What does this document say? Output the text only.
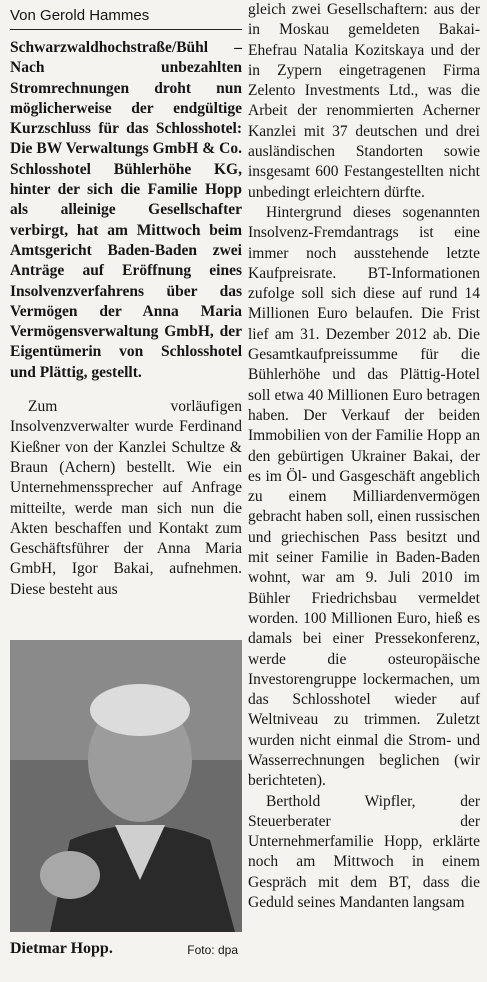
Von Gerold Hammes

Schwarzwaldhochstraße/Bühl – Nach unbezahlten Stromrechnungen droht nun möglicherweise der endgültige Kurzschluss für das Schlosshotel: Die BW Verwaltungs GmbH & Co. Schlosshotel Bühlerhöhe KG, hinter der sich die Familie Hopp als alleinige Gesellschafter verbirgt, hat am Mittwoch beim Amtsgericht Baden-Baden zwei Anträge auf Eröffnung eines Insolvenzverfahrens über das Vermögen der Anna Maria Vermögensverwaltung GmbH, der Eigentümerin von Schlosshotel und Plättig, gestellt.

Zum vorläufigen Insolvenzverwalter wurde Ferdinand Kießner von der Kanzlei Schultze & Braun (Achern) bestellt. Wie ein Unternehmenssprecher auf Anfrage mitteilte, werde man sich nun die Akten beschaffen und Kontakt zum Geschäftsführer der Anna Maria GmbH, Igor Bakai, aufnehmen. Diese besteht aus

Dietmar Hopp.	Foto: dpa

gleich zwei Gesellschaftern: aus der in Moskau gemeldeten Bakai-Ehefrau Natalia Kozitskaya und der in Zypern eingetragenen Firma Zelento Investments Ltd., was die Arbeit der renommierten Acherner Kanzlei mit 37 deutschen und drei ausländischen Standorten sowie insgesamt 600 Festangestellten nicht unbedingt erleichtern dürfte.

Hintergrund dieses sogenannten Insolvenz-Fremdantrags ist eine immer noch ausstehende letzte Kaufpreisrate. BT-Informationen zufolge soll sich diese auf rund 14 Millionen Euro belaufen. Die Frist lief am 31. Dezember 2012 ab. Die Gesamtkaufpreissumme für die Bühlerhöhe und das Plättig-Hotel soll etwa 40 Millionen Euro betragen haben. Der Verkauf der beiden Immobilien von der Familie Hopp an den gebürtigen Ukrainer Bakai, der es im Öl- und Gasgeschäft angeblich zu einem Milliardenvermögen gebracht haben soll, einen russischen und griechischen Pass besitzt und mit seiner Familie in Baden-Baden wohnt, war am 9. Juli 2010 im Bühler Friedrichsbau vermeldet worden. 100 Millionen Euro, hieß es damals bei einer Pressekonferenz, werde die osteuropäische Investorengruppe lockermachen, um das Schlosshotel wieder auf Weltniveau zu trimmen. Zuletzt wurden nicht einmal die Strom- und Wasserrechnungen beglichen (wir berichteten).

Berthold Wipfler, der Steuerberater der Unternehmerfamilie Hopp, erklärte noch am Mittwoch in einem Gespräch mit dem BT, dass die Geduld seines Mandanten langsam
